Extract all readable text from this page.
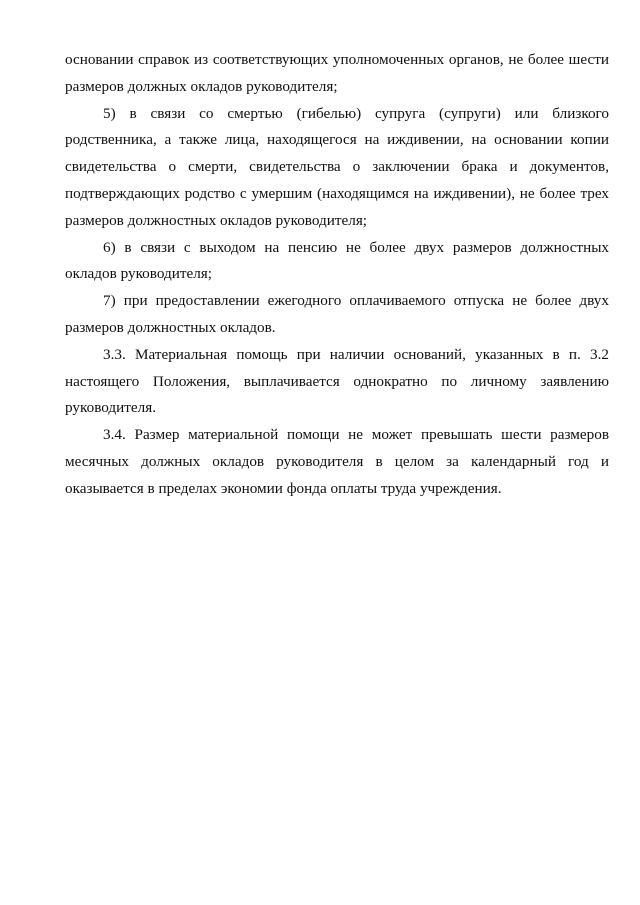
основании справок из соответствующих уполномоченных органов, не более шести размеров должных окладов руководителя;

5) в связи со смертью (гибелью) супруга (супруги) или близкого родственника, а также лица, находящегося на иждивении, на основании копии свидетельства о смерти, свидетельства о заключении брака и документов, подтверждающих родство с умершим (находящимся на иждивении), не более трех размеров должностных окладов руководителя;

6) в связи с выходом на пенсию не более двух размеров должностных окладов руководителя;

7) при предоставлении ежегодного оплачиваемого отпуска не более двух размеров должностных окладов.

3.3. Материальная помощь при наличии оснований, указанных в п. 3.2 настоящего Положения, выплачивается однократно по личному заявлению руководителя.

3.4. Размер материальной помощи не может превышать шести размеров месячных должных окладов руководителя в целом за календарный год и оказывается в пределах экономии фонда оплаты труда учреждения.
